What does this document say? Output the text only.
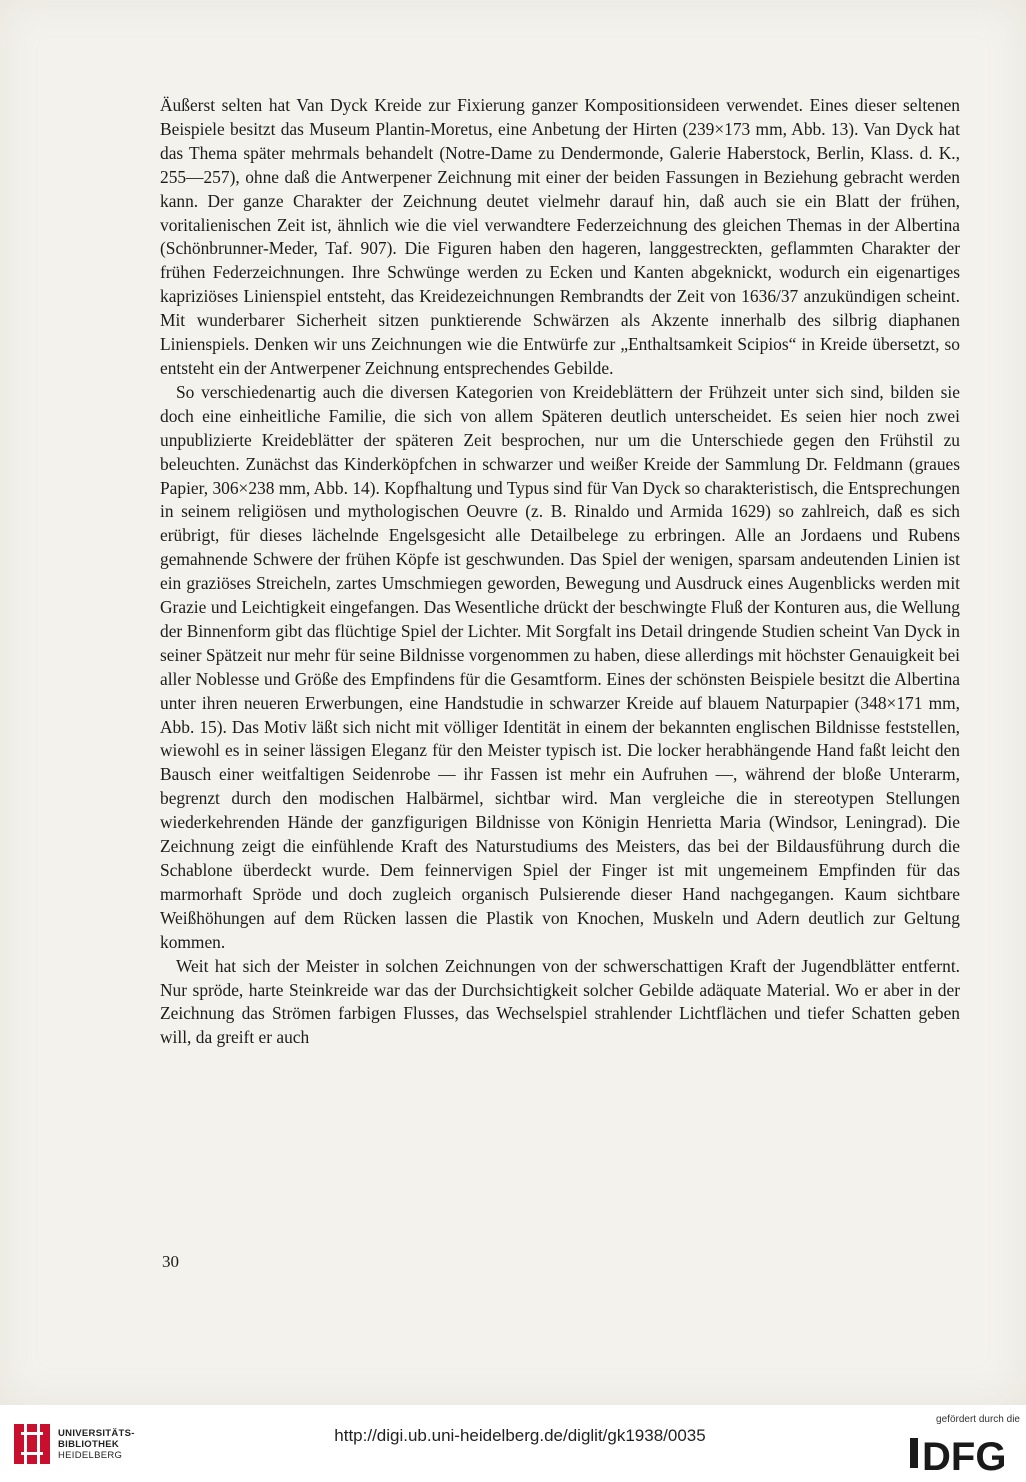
Äußerst selten hat Van Dyck Kreide zur Fixierung ganzer Kompositionsideen verwendet. Eines dieser seltenen Beispiele besitzt das Museum Plantin-Moretus, eine Anbetung der Hirten (239×173 mm, Abb. 13). Van Dyck hat das Thema später mehrmals behandelt (Notre-Dame zu Dendermonde, Galerie Haberstock, Berlin, Klass. d. K., 255—257), ohne daß die Antwerpener Zeichnung mit einer der beiden Fassungen in Beziehung gebracht werden kann. Der ganze Charakter der Zeichnung deutet vielmehr darauf hin, daß auch sie ein Blatt der frühen, voritalienischen Zeit ist, ähnlich wie die viel verwandtere Federzeichnung des gleichen Themas in der Albertina (Schönbrunner-Meder, Taf. 907). Die Figuren haben den hageren, langgestreckten, geflammten Charakter der frühen Federzeichnungen. Ihre Schwünge werden zu Ecken und Kanten abgeknickt, wodurch ein eigenartiges kapriziöses Linienspiel entsteht, das Kreidezeichnungen Rembrandts der Zeit von 1636/37 anzukündigen scheint. Mit wunderbarer Sicherheit sitzen punktierende Schwärzen als Akzente innerhalb des silbrig diaphanen Linienspiels. Denken wir uns Zeichnungen wie die Entwürfe zur „Enthaltsamkeit Scipios“ in Kreide übersetzt, so entsteht ein der Antwerpener Zeichnung entsprechendes Gebilde.

So verschiedenartig auch die diversen Kategorien von Kreideblättern der Frühzeit unter sich sind, bilden sie doch eine einheitliche Familie, die sich von allem Späteren deutlich unterscheidet. Es seien hier noch zwei unpublizierte Kreideblätter der späteren Zeit besprochen, nur um die Unterschiede gegen den Frühstil zu beleuchten. Zunächst das Kinderköpfchen in schwarzer und weißer Kreide der Sammlung Dr. Feldmann (graues Papier, 306×238 mm, Abb. 14). Kopfhaltung und Typus sind für Van Dyck so charakteristisch, die Entsprechungen in seinem religiösen und mythologischen Oeuvre (z. B. Rinaldo und Armida 1629) so zahlreich, daß es sich erübrigt, für dieses lächelnde Engelsgesicht alle Detailbelege zu erbringen. Alle an Jordaens und Rubens gemahnende Schwere der frühen Köpfe ist geschwunden. Das Spiel der wenigen, sparsam andeutenden Linien ist ein graziöses Streicheln, zartes Umschmiegen geworden, Bewegung und Ausdruck eines Augenblicks werden mit Grazie und Leichtigkeit eingefangen. Das Wesentliche drückt der beschwingte Fluß der Konturen aus, die Wellung der Binnenform gibt das flüchtige Spiel der Lichter. Mit Sorgfalt ins Detail dringende Studien scheint Van Dyck in seiner Spätzeit nur mehr für seine Bildnisse vorgenommen zu haben, diese allerdings mit höchster Genauigkeit bei aller Noblesse und Größe des Empfindens für die Gesamtform. Eines der schönsten Beispiele besitzt die Albertina unter ihren neueren Erwerbungen, eine Handstudie in schwarzer Kreide auf blauem Naturpapier (348×171 mm, Abb. 15). Das Motiv läßt sich nicht mit völliger Identität in einem der bekannten englischen Bildnisse feststellen, wiewohl es in seiner lässigen Eleganz für den Meister typisch ist. Die locker herabhängende Hand faßt leicht den Bausch einer weitfaltigen Seidenrobe — ihr Fassen ist mehr ein Aufruhen —, während der bloße Unterarm, begrenzt durch den modischen Halbärmel, sichtbar wird. Man vergleiche die in stereotypen Stellungen wiederkehrenden Hände der ganzfigurigen Bildnisse von Königin Henrietta Maria (Windsor, Leningrad). Die Zeichnung zeigt die einfühlende Kraft des Naturstudiums des Meisters, das bei der Bildausführung durch die Schablone überdeckt wurde. Dem feinnervigen Spiel der Finger ist mit ungemeinem Empfinden für das marmorhaft Spröde und doch zugleich organisch Pulsierende dieser Hand nachgegangen. Kaum sichtbare Weißhöhungen auf dem Rücken lassen die Plastik von Knochen, Muskeln und Adern deutlich zur Geltung kommen.

Weit hat sich der Meister in solchen Zeichnungen von der schwerschattigen Kraft der Jugendblätter entfernt. Nur spröde, harte Steinkreide war das der Durchsichtigkeit solcher Gebilde adäquate Material. Wo er aber in der Zeichnung das Strömen farbigen Flusses, das Wechselspiel strahlender Lichtflächen und tiefer Schatten geben will, da greift er auch

30
UNIVERSITÄTS-
BIBLIOTHEK
HEIDELBERG
http://digi.ub.uni-heidelberg.de/diglit/gk1938/0035
gefördert durch die
DFG
